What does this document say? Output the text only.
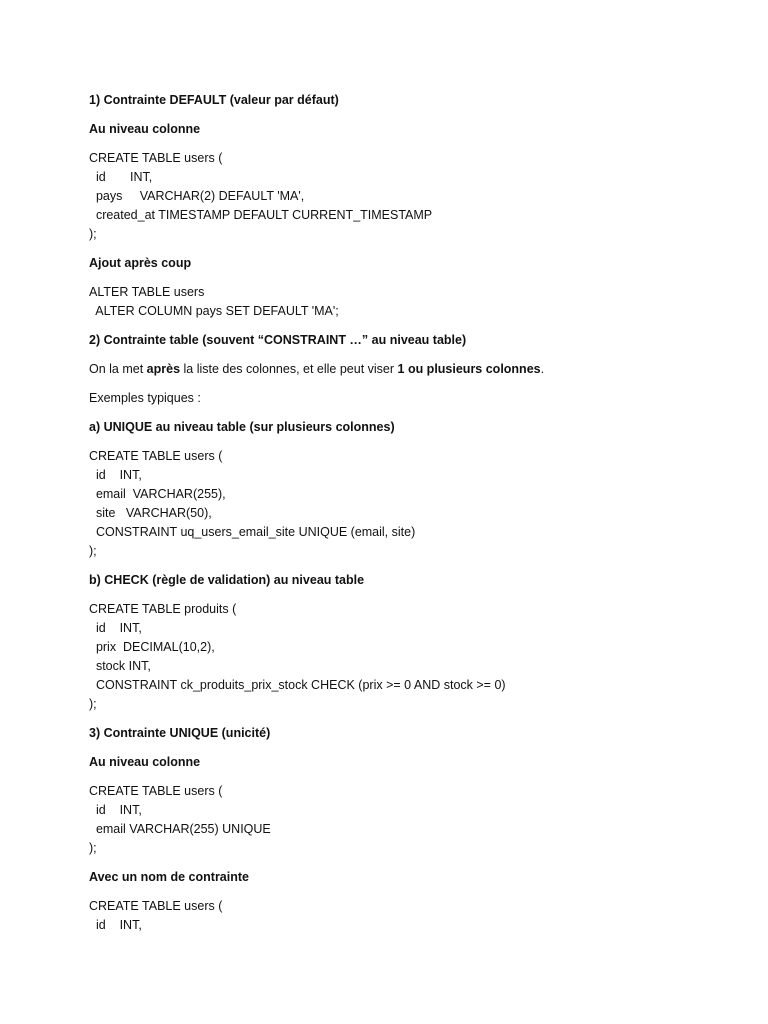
1) Contrainte DEFAULT (valeur par défaut)
Au niveau colonne
CREATE TABLE users (
id       INT,
pays     VARCHAR(2) DEFAULT 'MA',
created_at TIMESTAMP DEFAULT CURRENT_TIMESTAMP
);
Ajout après coup
ALTER TABLE users
ALTER COLUMN pays SET DEFAULT 'MA';
2) Contrainte table (souvent “CONSTRAINT …” au niveau table)
On la met après la liste des colonnes, et elle peut viser 1 ou plusieurs colonnes.
Exemples typiques :
a) UNIQUE au niveau table (sur plusieurs colonnes)
CREATE TABLE users (
id    INT,
email  VARCHAR(255),
site   VARCHAR(50),
CONSTRAINT uq_users_email_site UNIQUE (email, site)
);
b) CHECK (règle de validation) au niveau table
CREATE TABLE produits (
id    INT,
prix  DECIMAL(10,2),
stock INT,
CONSTRAINT ck_produits_prix_stock CHECK (prix >= 0 AND stock >= 0)
);
3) Contrainte UNIQUE (unicité)
Au niveau colonne
CREATE TABLE users (
id    INT,
email VARCHAR(255) UNIQUE
);
Avec un nom de contrainte
CREATE TABLE users (
id    INT,
